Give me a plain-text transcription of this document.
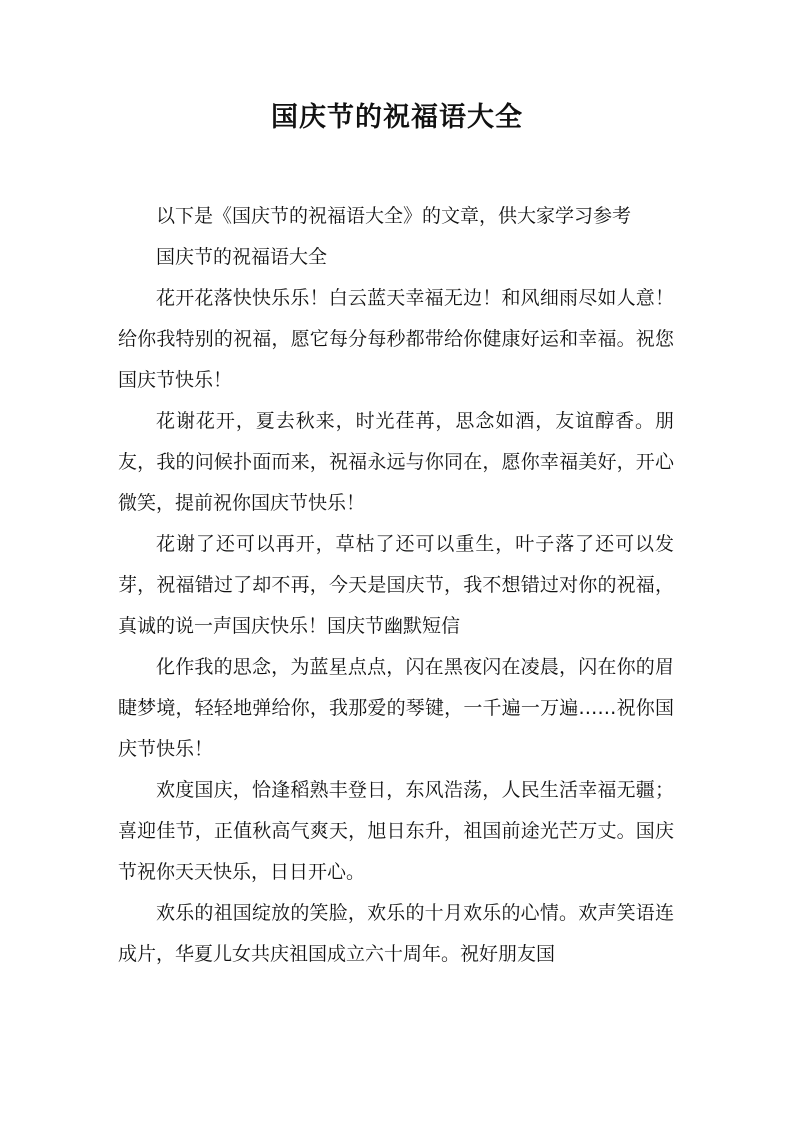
国庆节的祝福语大全

以下是《国庆节的祝福语大全》的文章，供大家学习参考

国庆节的祝福语大全

花开花落快快乐乐！白云蓝天幸福无边！和风细雨尽如人意！给你我特别的祝福，愿它每分每秒都带给你健康好运和幸福。祝您国庆节快乐！

花谢花开，夏去秋来，时光荏苒，思念如酒，友谊醇香。朋友，我的问候扑面而来，祝福永远与你同在，愿你幸福美好，开心微笑，提前祝你国庆节快乐！

花谢了还可以再开，草枯了还可以重生，叶子落了还可以发芽，祝福错过了却不再，今天是国庆节，我不想错过对你的祝福，真诚的说一声国庆快乐！国庆节幽默短信

化作我的思念，为蓝星点点，闪在黑夜闪在凌晨，闪在你的眉睫梦境，轻轻地弹给你，我那爱的琴键，一千遍一万遍……祝你国庆节快乐！

欢度国庆，恰逢稻熟丰登日，东风浩荡，人民生活幸福无疆；喜迎佳节，正值秋高气爽天，旭日东升，祖国前途光芒万丈。国庆节祝你天天快乐，日日开心。

欢乐的祖国绽放的笑脸，欢乐的十月欢乐的心情。欢声笑语连成片，华夏儿女共庆祖国成立六十周年。祝好朋友国
